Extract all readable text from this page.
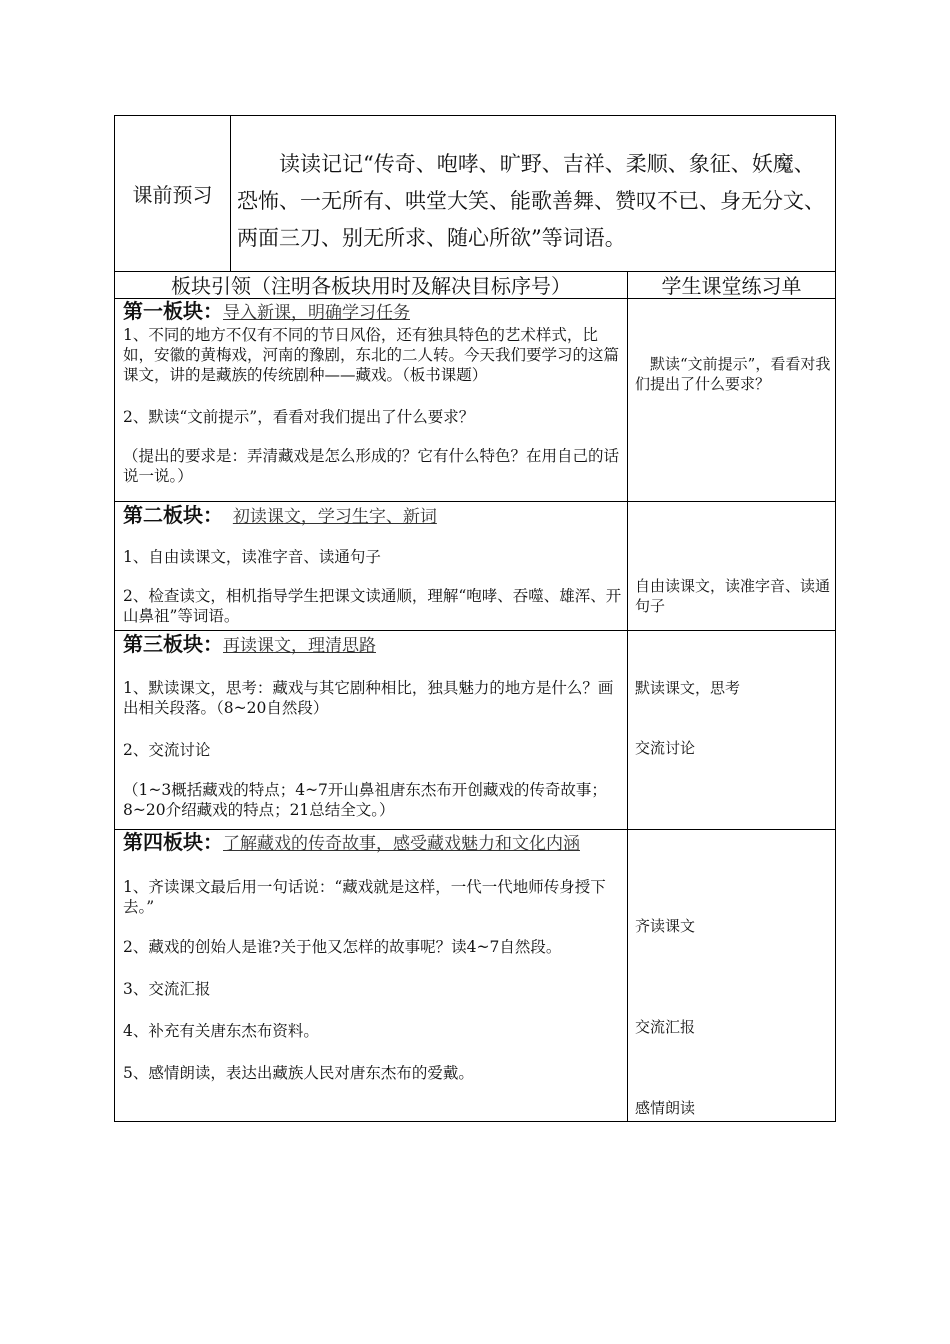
课前预习
读读记记“传奇、咆哮、旷野、吉祥、柔顺、象征、妖魔、恐怖、一无所有、哄堂大笑、能歌善舞、赞叹不已、身无分文、两面三刀、别无所求、随心所欲”等词语。
板块引领（注明各板块用时及解决目标序号）	学生课堂练习单
第一板块：导入新课，明确学习任务

1、不同的地方不仅有不同的节日风俗，还有独具特色的艺术样式，比如，安徽的黄梅戏，河南的豫剧，东北的二人转。今天我们要学习的这篇课文，讲的是藏族的传统剧种——藏戏。（板书课题）

2、默读“文前提示”，看看对我们提出了什么要求？

（提出的要求是：弄清藏戏是怎么形成的？它有什么特色？在用自己的话说一说。）

默读“文前提示”，看看对我们提出了什么要求？
第二板块： 初读课文，学习生字、新词

1、自由读课文，读准字音、读通句子

2、检查读文，相机指导学生把课文读通顺，理解“咆哮、吞噬、雄浑、开山鼻祖”等词语。

自由读课文，读准字音、读通句子
第三板块：再读课文，理清思路

1、默读课文，思考：藏戏与其它剧种相比，独具魅力的地方是什么？画出相关段落。（8~20自然段）

2、交流讨论

（1~3概括藏戏的特点；4~7开山鼻祖唐东杰布开创藏戏的传奇故事；8~20介绍藏戏的特点；21总结全文。）

默读课文，思考
交流讨论
第四板块：了解藏戏的传奇故事，感受藏戏魅力和文化内涵

1、齐读课文最后用一句话说：“藏戏就是这样，一代一代地师传身授下去。”

2、藏戏的创始人是谁?关于他又怎样的故事呢？读4~7自然段。

3、交流汇报

4、补充有关唐东杰布资料。

5、感情朗读，表达出藏族人民对唐东杰布的爱戴。

齐读课文
交流汇报
感情朗读
